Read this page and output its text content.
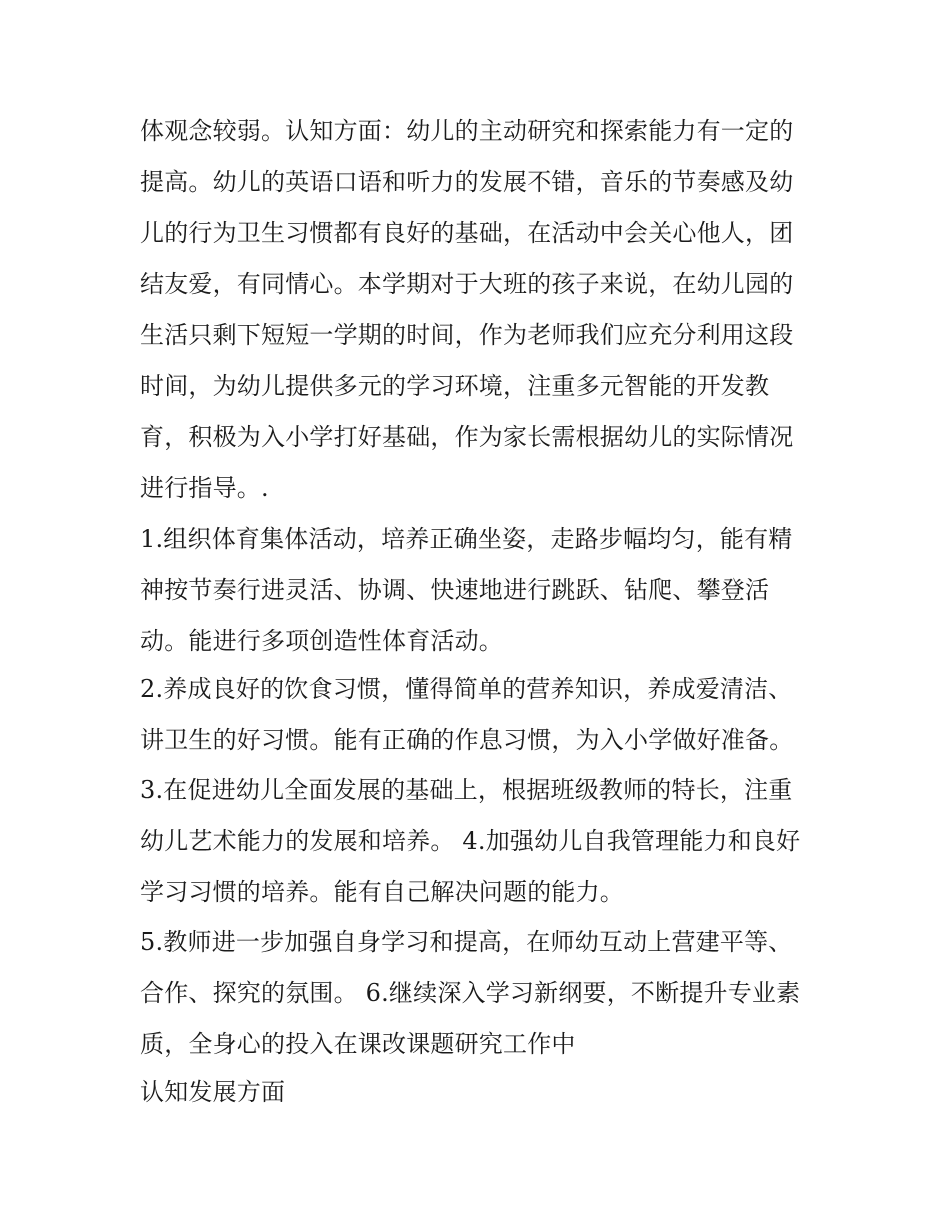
体观念较弱。认知方面：幼儿的主动研究和探索能力有一定的
提高。幼儿的英语口语和听力的发展不错，音乐的节奏感及幼
儿的行为卫生习惯都有良好的基础，在活动中会关心他人，团
结友爱，有同情心。本学期对于大班的孩子来说，在幼儿园的
生活只剩下短短一学期的时间，作为老师我们应充分利用这段
时间，为幼儿提供多元的学习环境，注重多元智能的开发教
育，积极为入小学打好基础，作为家长需根据幼儿的实际情况
进行指导。.

1.组织体育集体活动，培养正确坐姿，走路步幅均匀，能有精
神按节奏行进灵活、协调、快速地进行跳跃、钻爬、攀登活
动。能进行多项创造性体育活动。

2.养成良好的饮食习惯，懂得简单的营养知识，养成爱清洁、
讲卫生的好习惯。能有正确的作息习惯，为入小学做好准备。

3.在促进幼儿全面发展的基础上，根据班级教师的特长，注重
幼儿艺术能力的发展和培养。 4.加强幼儿自我管理能力和良好
学习习惯的培养。能有自己解决问题的能力。

5.教师进一步加强自身学习和提高，在师幼互动上营建平等、
合作、探究的氛围。 6.继续深入学习新纲要，不断提升专业素
质，全身心的投入在课改课题研究工作中

认知发展方面
